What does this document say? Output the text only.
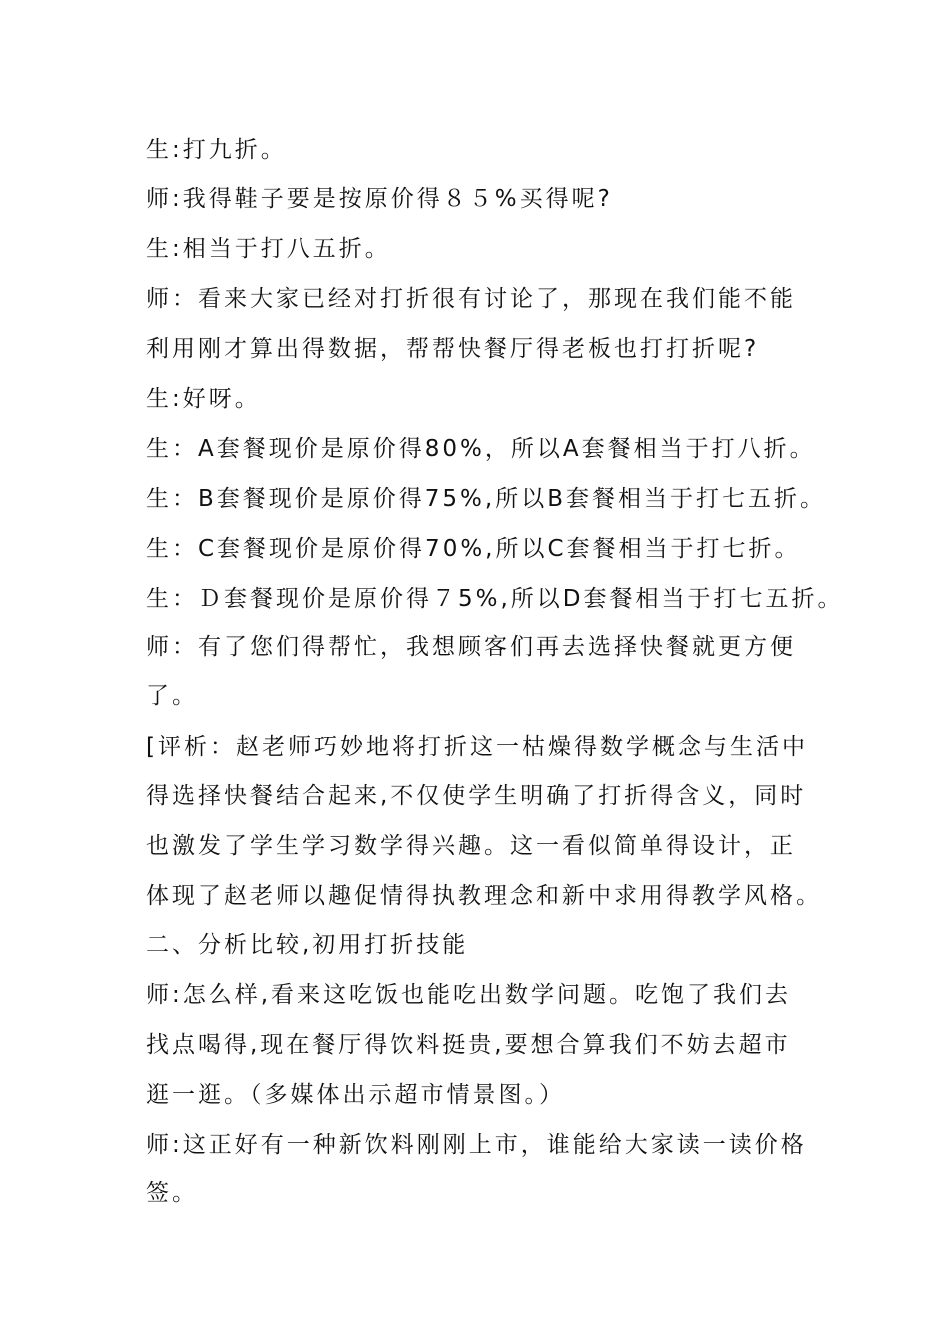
生:打九折。
师:我得鞋子要是按原价得８５%买得呢?
生:相当于打八五折。
师：看来大家已经对打折很有讨论了，那现在我们能不能
利用刚才算出得数据，帮帮快餐厅得老板也打打折呢?
生:好呀。
生：A套餐现价是原价得80%，所以A套餐相当于打八折。
生：B套餐现价是原价得75%,所以B套餐相当于打七五折。
生：C套餐现价是原价得70%,所以C套餐相当于打七折。
生：Ｄ套餐现价是原价得７5%,所以D套餐相当于打七五折。
师：有了您们得帮忙，我想顾客们再去选择快餐就更方便
了。
[评析：赵老师巧妙地将打折这一枯燥得数学概念与生活中
得选择快餐结合起来,不仅使学生明确了打折得含义，同时
也激发了学生学习数学得兴趣。这一看似简单得设计，正
体现了赵老师以趣促情得执教理念和新中求用得教学风格。
二、分析比较,初用打折技能
师:怎么样,看来这吃饭也能吃出数学问题。吃饱了我们去
找点喝得,现在餐厅得饮料挺贵,要想合算我们不妨去超市
逛一逛。（多媒体出示超市情景图。）
师:这正好有一种新饮料刚刚上市，谁能给大家读一读价格
签。
